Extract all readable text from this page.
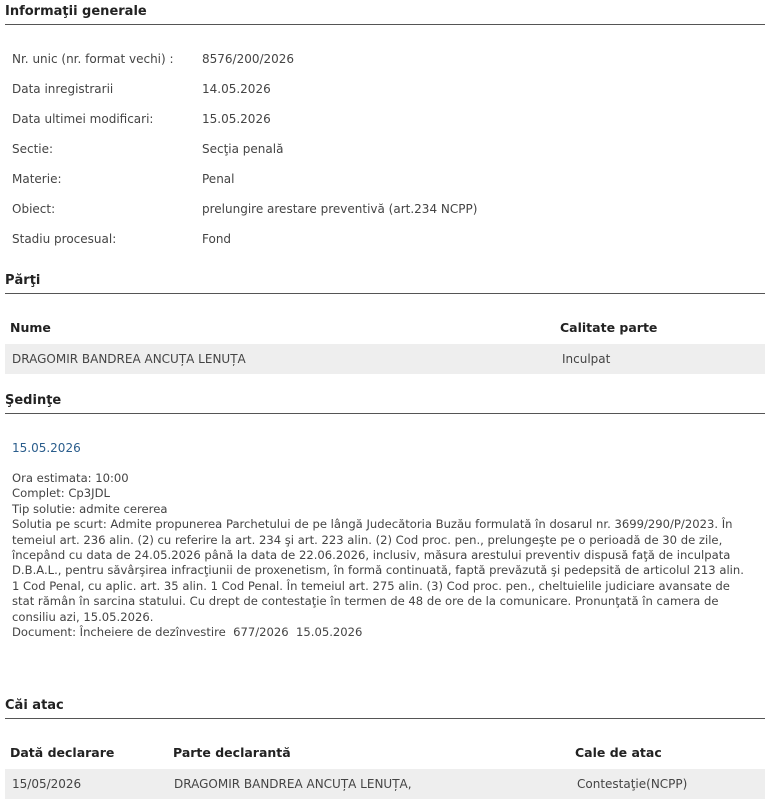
Informaţii generale
Nr. unic (nr. format vechi) :	8576/200/2026
Data inregistrarii	14.05.2026
Data ultimei modificari:	15.05.2026
Sectie:	Secţia penală
Materie:	Penal
Obiect:	prelungire arestare preventivă (art.234 NCPP)
Stadiu procesual:	Fond
Părţi
Nume	Calitate parte
DRAGOMIR BANDREA ANCUȚA LENUȚA	Inculpat
Şedinţe
15.05.2026
Ora estimata: 10:00
Complet: Cp3JDL
Tip solutie: admite cererea
Solutia pe scurt: Admite propunerea Parchetului de pe lângă Judecătoria Buzău formulată în dosarul nr. 3699/290/P/2023. În
temeiul art. 236 alin. (2) cu referire la art. 234 şi art. 223 alin. (2) Cod proc. pen., prelungeşte pe o perioadă de 30 de zile,
începând cu data de 24.05.2026 până la data de 22.06.2026, inclusiv, măsura arestului preventiv dispusă faţă de inculpata
D.B.A.L., pentru săvârşirea infracţiunii de proxenetism, în formă continuată, faptă prevăzută şi pedepsită de articolul 213 alin.
1 Cod Penal, cu aplic. art. 35 alin. 1 Cod Penal. În temeiul art. 275 alin. (3) Cod proc. pen., cheltuielile judiciare avansate de
stat rămân în sarcina statului. Cu drept de contestaţie în termen de 48 de ore de la comunicare. Pronunţată în camera de
consiliu azi, 15.05.2026.
Document: Încheiere de dezînvestire  677/2026  15.05.2026
Căi atac
Dată declarare	Parte declarantă	Cale de atac
15/05/2026	DRAGOMIR BANDREA ANCUȚA LENUȚA,	Contestaţie(NCPP)
